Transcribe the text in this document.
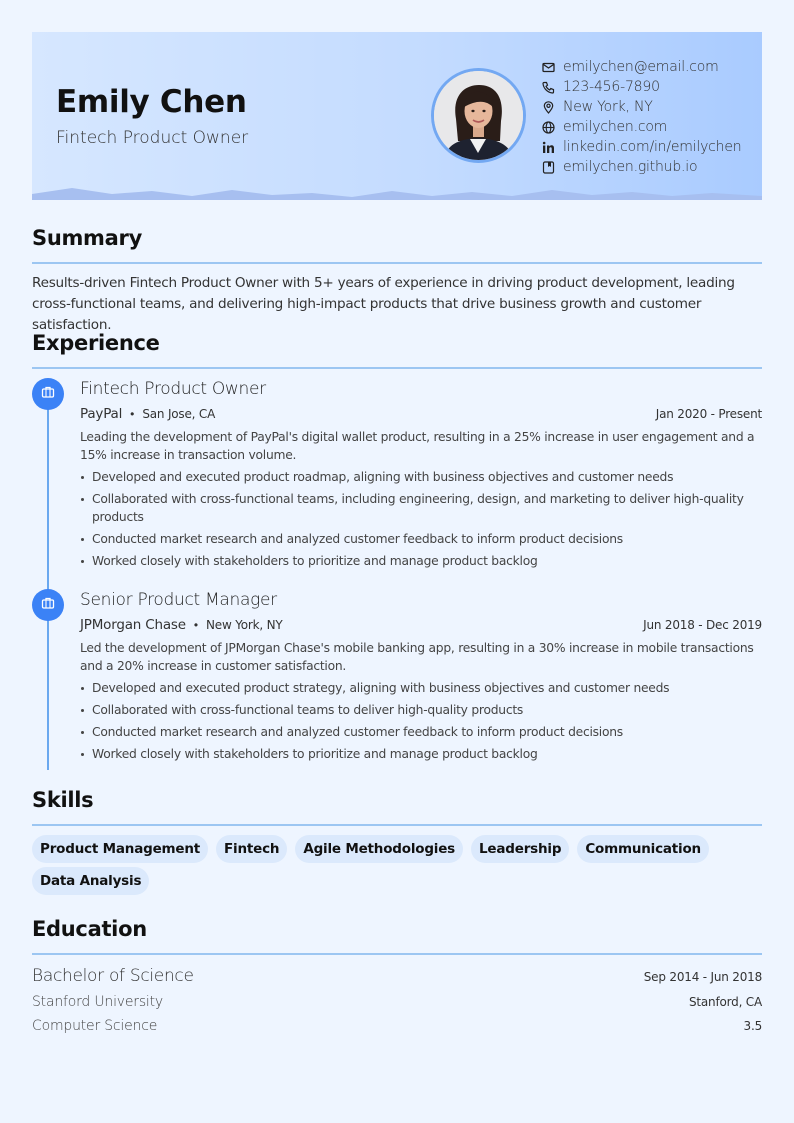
Emily Chen
Fintech Product Owner
emilychen@email.com
123-456-7890
New York, NY
emilychen.com
linkedin.com/in/emilychen
emilychen.github.io
Summary
Results-driven Fintech Product Owner with 5+ years of experience in driving product development, leading cross-functional teams, and delivering high-impact products that drive business growth and customer satisfaction.
Experience
Fintech Product Owner
PayPal • San Jose, CA	Jan 2020 - Present
Leading the development of PayPal's digital wallet product, resulting in a 25% increase in user engagement and a 15% increase in transaction volume.
Developed and executed product roadmap, aligning with business objectives and customer needs
Collaborated with cross-functional teams, including engineering, design, and marketing to deliver high-quality products
Conducted market research and analyzed customer feedback to inform product decisions
Worked closely with stakeholders to prioritize and manage product backlog
Senior Product Manager
JPMorgan Chase • New York, NY	Jun 2018 - Dec 2019
Led the development of JPMorgan Chase's mobile banking app, resulting in a 30% increase in mobile transactions and a 20% increase in customer satisfaction.
Developed and executed product strategy, aligning with business objectives and customer needs
Collaborated with cross-functional teams to deliver high-quality products
Conducted market research and analyzed customer feedback to inform product decisions
Worked closely with stakeholders to prioritize and manage product backlog
Skills
Product Management	Fintech	Agile Methodologies	Leadership	Communication
Data Analysis
Education
Bachelor of Science	Sep 2014 - Jun 2018
Stanford University	Stanford, CA
Computer Science	3.5
